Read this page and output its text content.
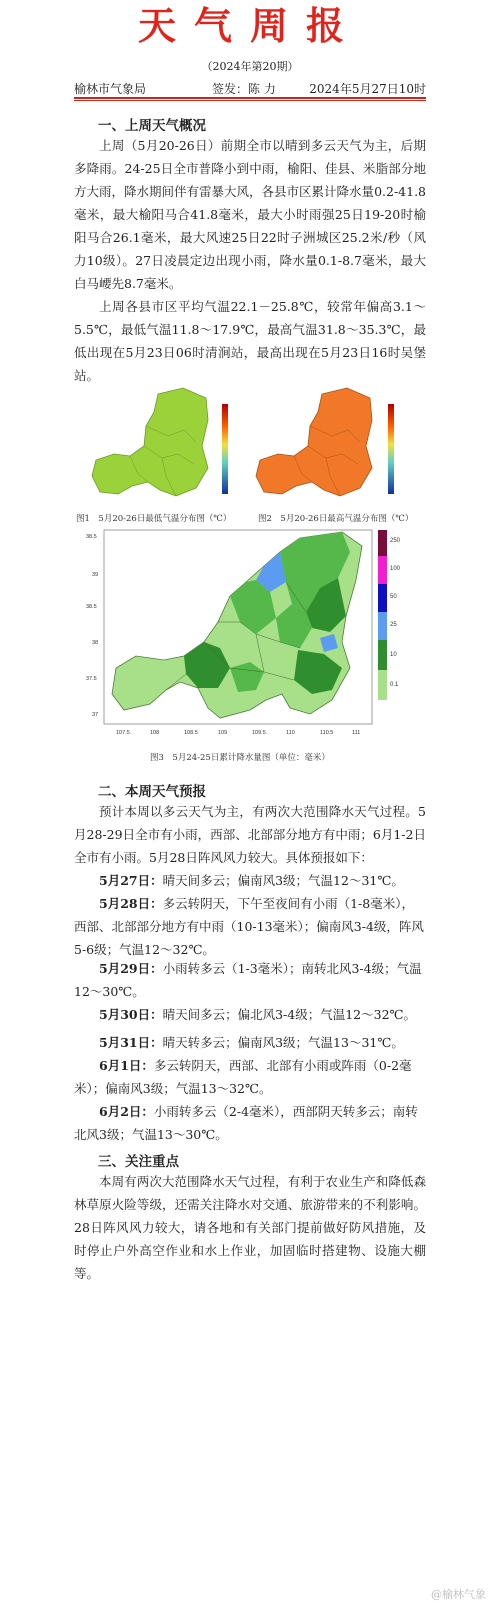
天气周报
（2024年第20期）
榆林市气象局	签发：陈 力	2024年5月27日10时
一、上周天气概况
上周（5月20-26日）前期全市以晴到多云天气为主，后期多降雨。24-25日全市普降小到中雨，榆阳、佳县、米脂部分地方大雨，降水期间伴有雷暴大风，各县市区累计降水量0.2-41.8毫米，最大榆阳马合41.8毫米，最大小时雨强25日19-20时榆阳马合26.1毫米，最大风速25日22时子洲城区25.2米/秒（风力10级）。27日凌晨定边出现小雨，降水量0.1-8.7毫米，最大白马崾先8.7毫米。
上周各县市区平均气温22.1－25.8℃，较常年偏高3.1～5.5℃，最低气温11.8～17.9℃，最高气温31.8～35.3℃，最低出现在5月23日06时清涧站，最高出现在5月23日16时吴堡站。
图1　5月20-26日最低气温分布图（℃）	图2　5月20-26日最高气温分布图（℃）
250
100
50
25
10
0.1
107.5	108	108.5	109	109.5	110	110.5	111
38.5
39
38.5
38
37.5
37
图3　5月24-25日累计降水量图（单位：毫米）
二、本周天气预报
预计本周以多云天气为主，有两次大范围降水天气过程。5月28-29日全市有小雨，西部、北部部分地方有中雨；6月1-2日全市有小雨。5月28日阵风风力较大。具体预报如下：
5月27日：晴天间多云；偏南风3级；气温12～31℃。
5月28日：多云转阴天，下午至夜间有小雨（1-8毫米），西部、北部部分地方有中雨（10-13毫米）；偏南风3-4级，阵风5-6级；气温12～32℃。
5月29日：小雨转多云（1-3毫米）；南转北风3-4级；气温12～30℃。
5月30日：晴天间多云；偏北风3-4级；气温12～32℃。
5月31日：晴天转多云；偏南风3级；气温13～31℃。
6月1日：多云转阴天，西部、北部有小雨或阵雨（0-2毫米）；偏南风3级；气温13～32℃。
6月2日：小雨转多云（2-4毫米），西部阴天转多云；南转北风3级；气温13～30℃。
三、关注重点
本周有两次大范围降水天气过程，有利于农业生产和降低森林草原火险等级，还需关注降水对交通、旅游带来的不利影响。28日阵风风力较大，请各地和有关部门提前做好防风措施，及时停止户外高空作业和水上作业，加固临时搭建物、设施大棚等。
@榆林气象
